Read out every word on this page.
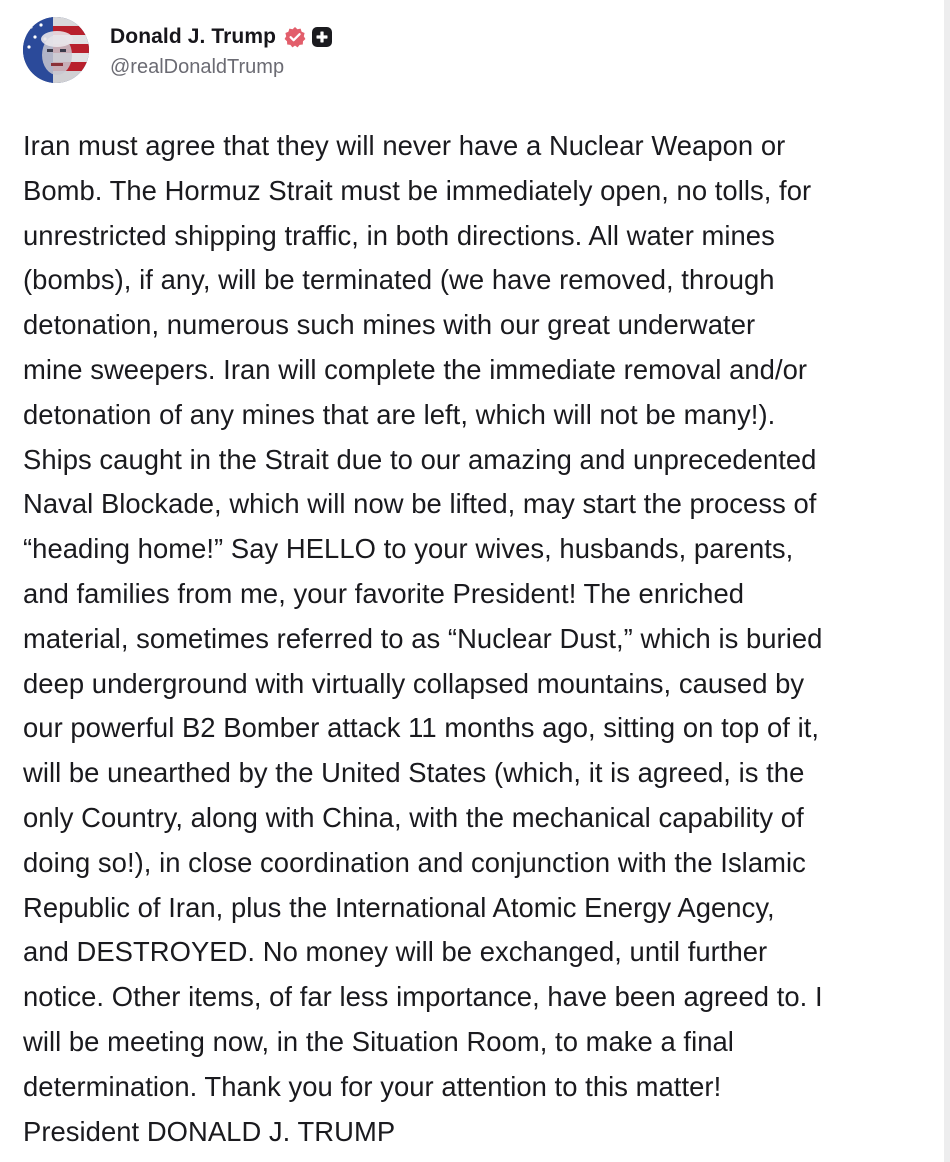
Donald J. Trump
@realDonaldTrump
Iran must agree that they will never have a Nuclear Weapon or
Bomb. The Hormuz Strait must be immediately open, no tolls, for
unrestricted shipping traffic, in both directions. All water mines
(bombs), if any, will be terminated (we have removed, through
detonation, numerous such mines with our great underwater
mine sweepers. Iran will complete the immediate removal and/or
detonation of any mines that are left, which will not be many!).
Ships caught in the Strait due to our amazing and unprecedented
Naval Blockade, which will now be lifted, may start the process of
“heading home!” Say HELLO to your wives, husbands, parents,
and families from me, your favorite President! The enriched
material, sometimes referred to as “Nuclear Dust,” which is buried
deep underground with virtually collapsed mountains, caused by
our powerful B2 Bomber attack 11 months ago, sitting on top of it,
will be unearthed by the United States (which, it is agreed, is the
only Country, along with China, with the mechanical capability of
doing so!), in close coordination and conjunction with the Islamic
Republic of Iran, plus the International Atomic Energy Agency,
and DESTROYED. No money will be exchanged, until further
notice. Other items, of far less importance, have been agreed to. I
will be meeting now, in the Situation Room, to make a final
determination. Thank you for your attention to this matter!
President DONALD J. TRUMP
